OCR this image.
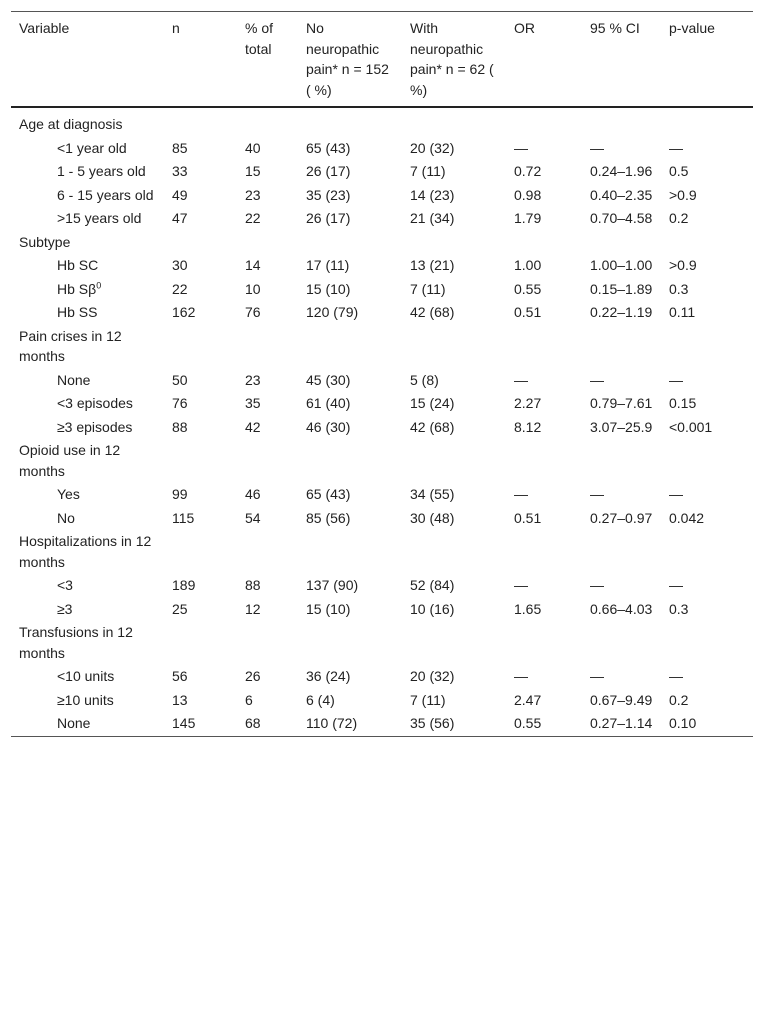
Variable	n	% of total	No neuropathic pain* n = 152 ( %)	With neuropathic pain* n = 62 ( %)	OR	95 % CI	p-value
Age at diagnosis							
<1 year old	85	40	65 (43)	20 (32)	—	—	—
1 - 5 years old	33	15	26 (17)	7 (11)	0.72	0.24–1.96	0.5
6 - 15 years old	49	23	35 (23)	14 (23)	0.98	0.40–2.35	>0.9
>15 years old	47	22	26 (17)	21 (34)	1.79	0.70–4.58	0.2
Subtype							
Hb SC	30	14	17 (11)	13 (21)	1.00	1.00–1.00	>0.9
Hb $S\beta^0$	22	10	15 (10)	7 (11)	0.55	0.15–1.89	0.3
Hb SS	162	76	120 (79)	42 (68)	0.51	0.22–1.19	0.11
Pain crises in 12 months							
None	50	23	45 (30)	5 (8)	—	—	—
<3 episodes	76	35	61 (40)	15 (24)	2.27	0.79–7.61	0.15
≥3 episodes	88	42	46 (30)	42 (68)	8.12	3.07–25.9	<0.001
Opioid use in 12 months							
Yes	99	46	65 (43)	34 (55)	—	—	—
No	115	54	85 (56)	30 (48)	0.51	0.27–0.97	0.042
Hospitalizations in 12 months							
<3	189	88	137 (90)	52 (84)	—	—	—
≥3	25	12	15 (10)	10 (16)	1.65	0.66–4.03	0.3
Transfusions in 12 months							
<10 units	56	26	36 (24)	20 (32)	—	—	—
≥10 units	13	6	6 (4)	7 (11)	2.47	0.67–9.49	0.2
None	145	68	110 (72)	35 (56)	0.55	0.27–1.14	0.10
